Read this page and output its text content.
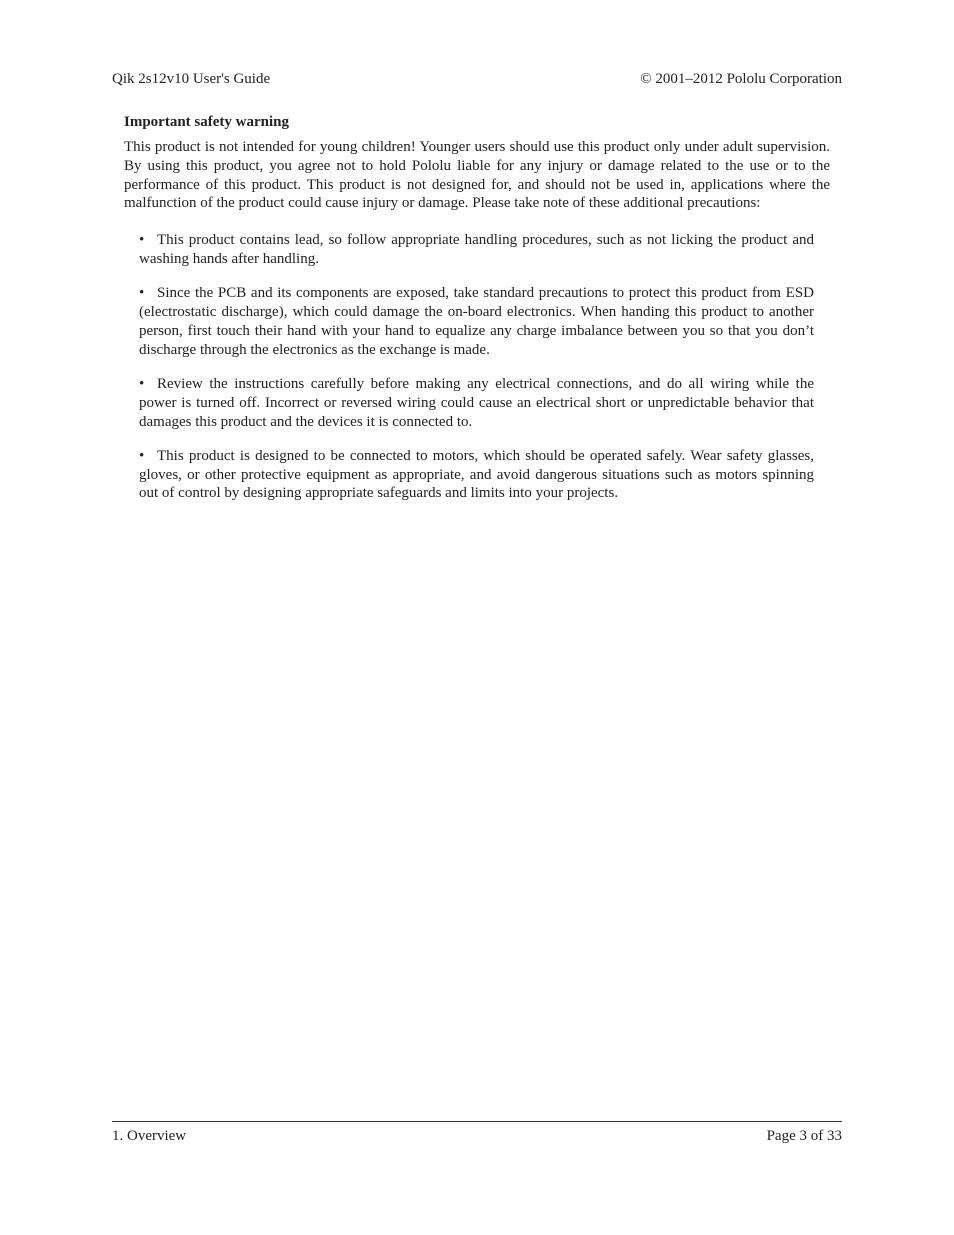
Qik 2s12v10 User's Guide	© 2001–2012 Pololu Corporation
Important safety warning

This product is not intended for young children! Younger users should use this product only under adult supervision. By using this product, you agree not to hold Pololu liable for any injury or damage related to the use or to the performance of this product. This product is not designed for, and should not be used in, applications where the malfunction of the product could cause injury or damage. Please take note of these additional precautions:

• This product contains lead, so follow appropriate handling procedures, such as not licking the product and washing hands after handling.

• Since the PCB and its components are exposed, take standard precautions to protect this product from ESD (electrostatic discharge), which could damage the on-board electronics. When handing this product to another person, first touch their hand with your hand to equalize any charge imbalance between you so that you don’t discharge through the electronics as the exchange is made.

• Review the instructions carefully before making any electrical connections, and do all wiring while the power is turned off. Incorrect or reversed wiring could cause an electrical short or unpredictable behavior that damages this product and the devices it is connected to.

• This product is designed to be connected to motors, which should be operated safely. Wear safety glasses, gloves, or other protective equipment as appropriate, and avoid dangerous situations such as motors spinning out of control by designing appropriate safeguards and limits into your projects.

1. Overview	Page 3 of 33
